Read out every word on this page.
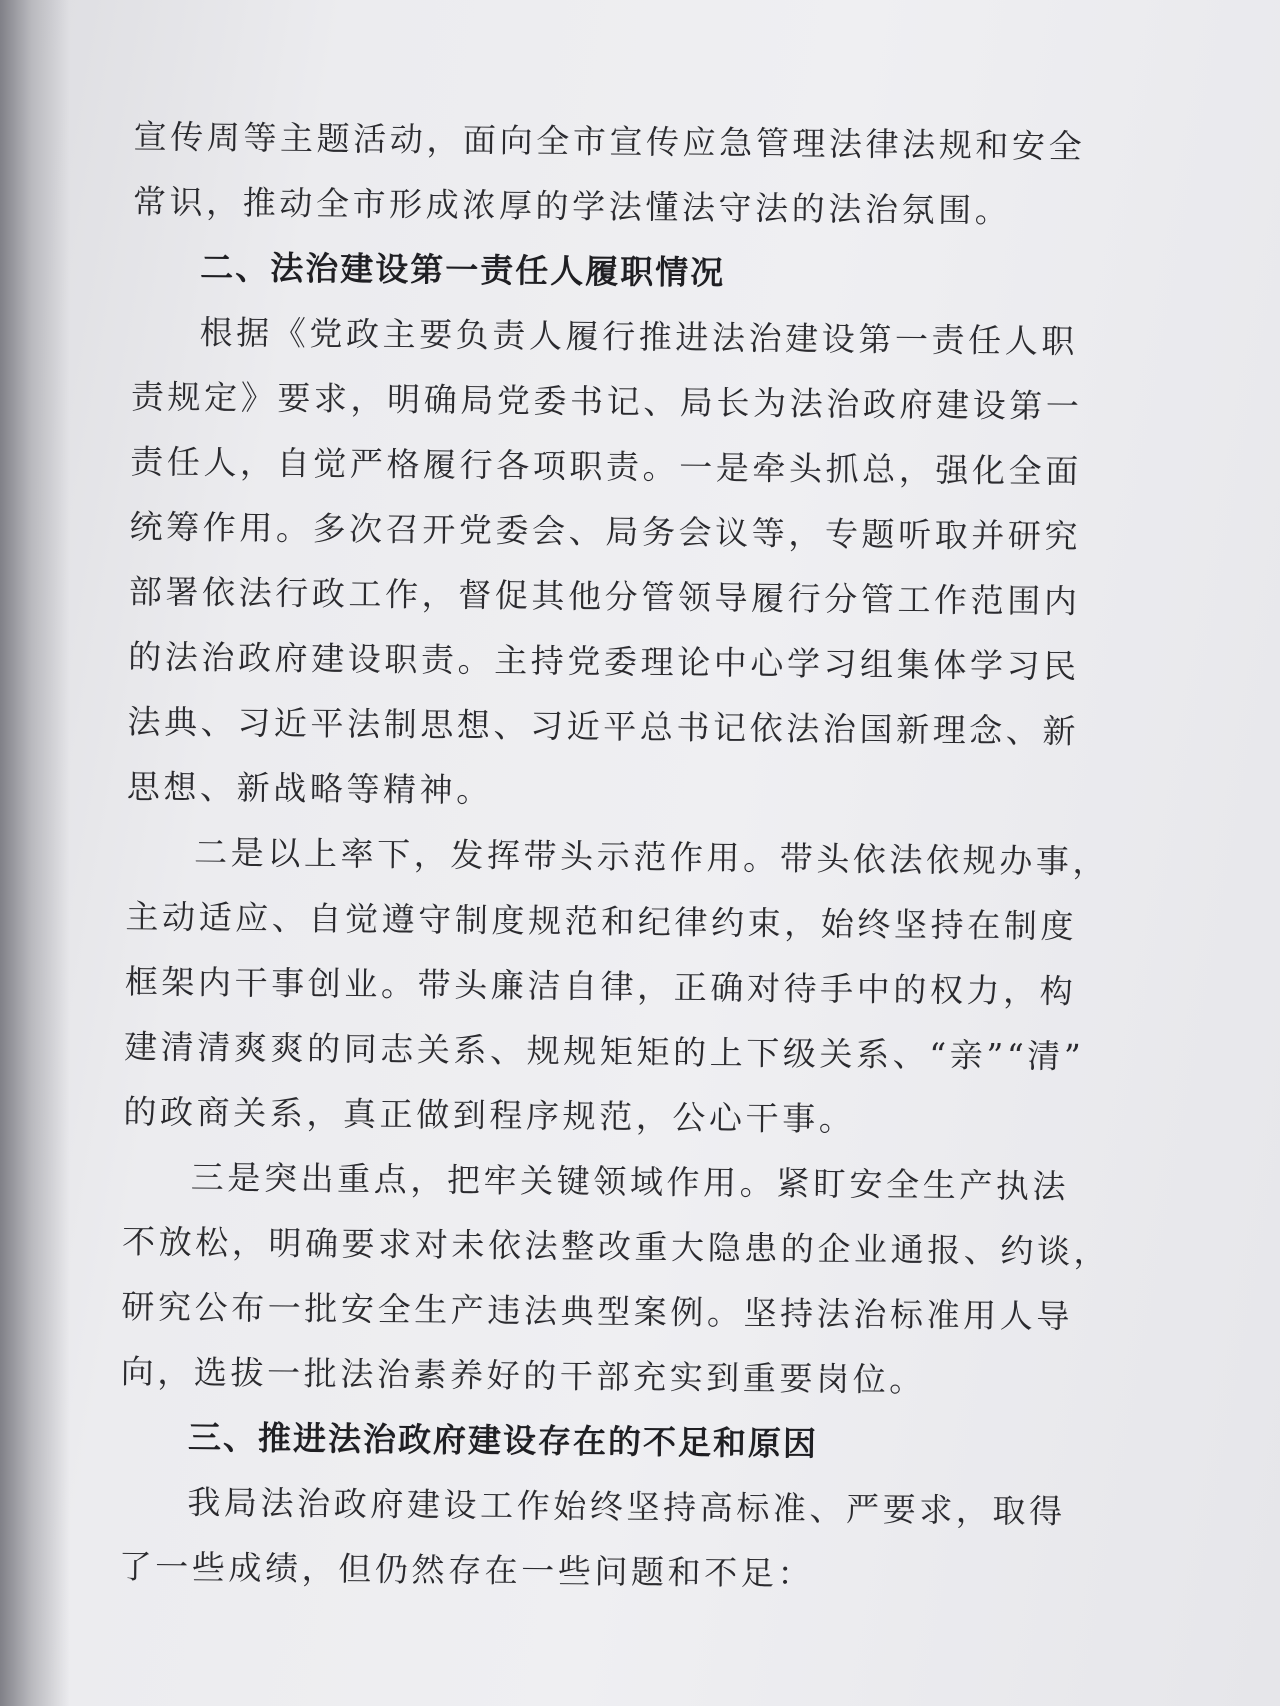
宣传周等主题活动，面向全市宣传应急管理法律法规和安全
常识，推动全市形成浓厚的学法懂法守法的法治氛围。
二、法治建设第一责任人履职情况
根据《党政主要负责人履行推进法治建设第一责任人职
责规定》要求，明确局党委书记、局长为法治政府建设第一
责任人，自觉严格履行各项职责。一是牵头抓总，强化全面
统筹作用。多次召开党委会、局务会议等，专题听取并研究
部署依法行政工作，督促其他分管领导履行分管工作范围内
的法治政府建设职责。主持党委理论中心学习组集体学习民
法典、习近平法制思想、习近平总书记依法治国新理念、新
思想、新战略等精神。
二是以上率下，发挥带头示范作用。带头依法依规办事，
主动适应、自觉遵守制度规范和纪律约束，始终坚持在制度
框架内干事创业。带头廉洁自律，正确对待手中的权力，构
建清清爽爽的同志关系、规规矩矩的上下级关系、“亲”“清”
的政商关系，真正做到程序规范，公心干事。
三是突出重点，把牢关键领域作用。紧盯安全生产执法
不放松，明确要求对未依法整改重大隐患的企业通报、约谈，
研究公布一批安全生产违法典型案例。坚持法治标准用人导
向，选拔一批法治素养好的干部充实到重要岗位。
三、推进法治政府建设存在的不足和原因
我局法治政府建设工作始终坚持高标准、严要求，取得
了一些成绩，但仍然存在一些问题和不足：
